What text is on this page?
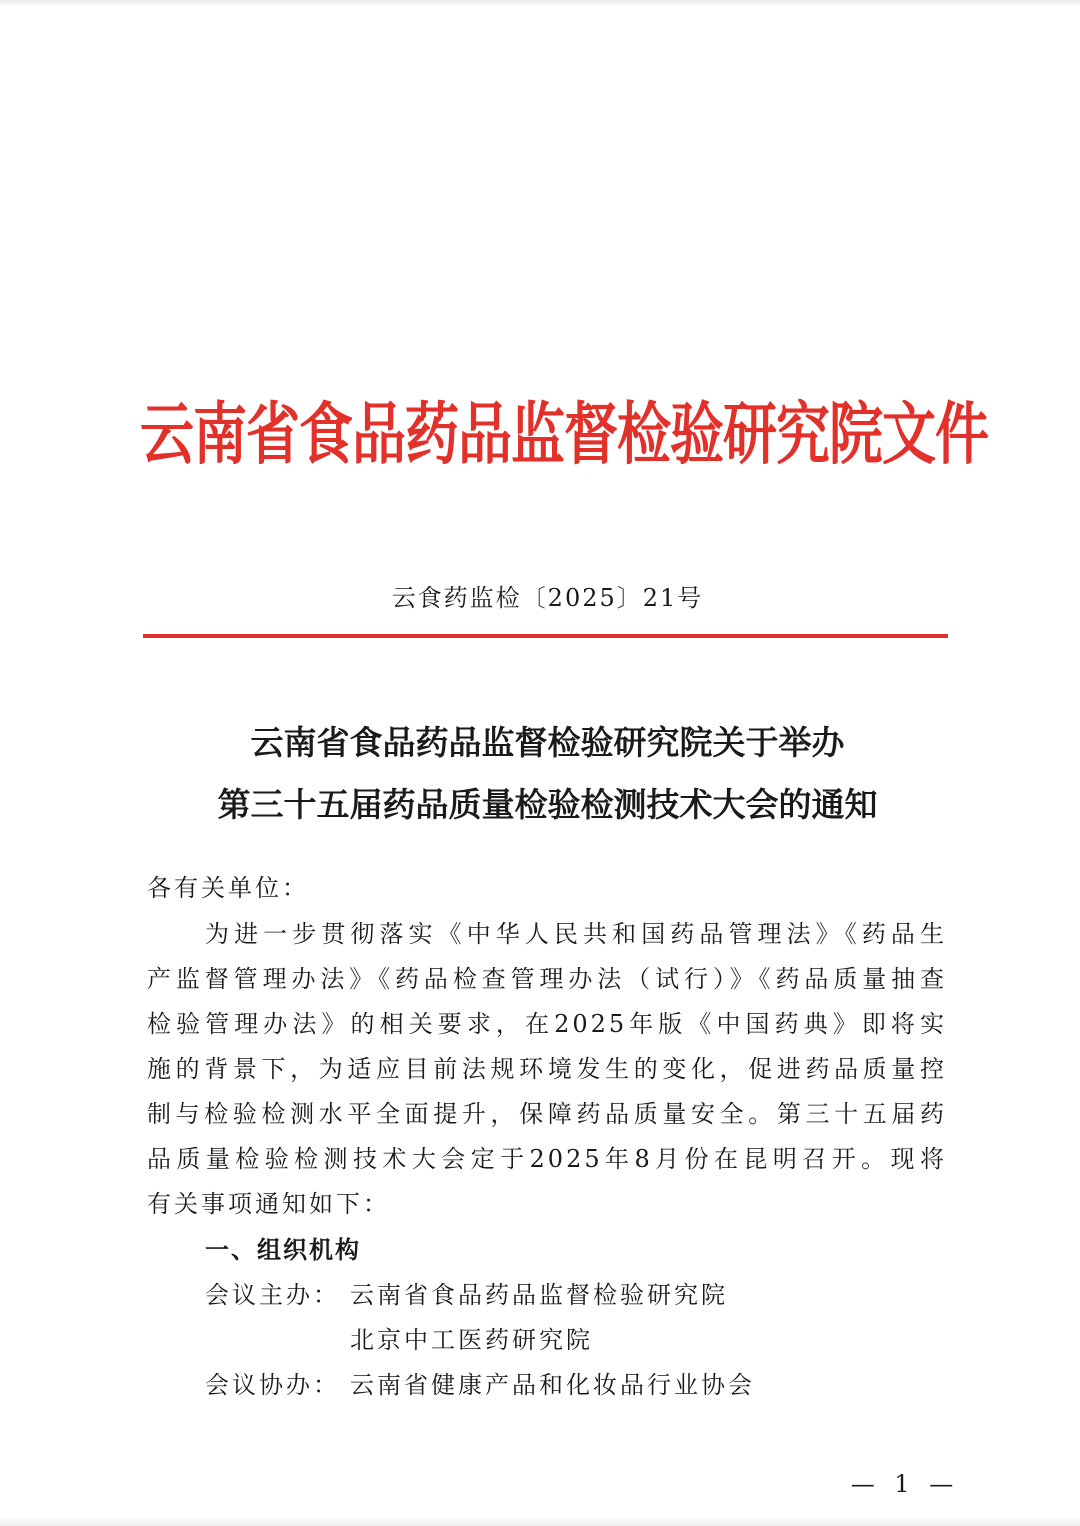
云南省食品药品监督检验研究院文件
云食药监检〔2025〕21号
云南省食品药品监督检验研究院关于举办
第三十五届药品质量检验检测技术大会的通知
各有关单位：
为进一步贯彻落实《中华人民共和国药品管理法》《药品生
产监督管理办法》《药品检查管理办法（试行）》《药品质量抽查
检验管理办法》的相关要求，在2025年版《中国药典》即将实
施的背景下，为适应目前法规环境发生的变化，促进药品质量控
制与检验检测水平全面提升，保障药品质量安全。第三十五届药
品质量检验检测技术大会定于2025年8月份在昆明召开。现将
有关事项通知如下：
一、组织机构
会议主办： 云南省食品药品监督检验研究院
北京中工医药研究院
会议协办： 云南省健康产品和化妆品行业协会
— 1 —
